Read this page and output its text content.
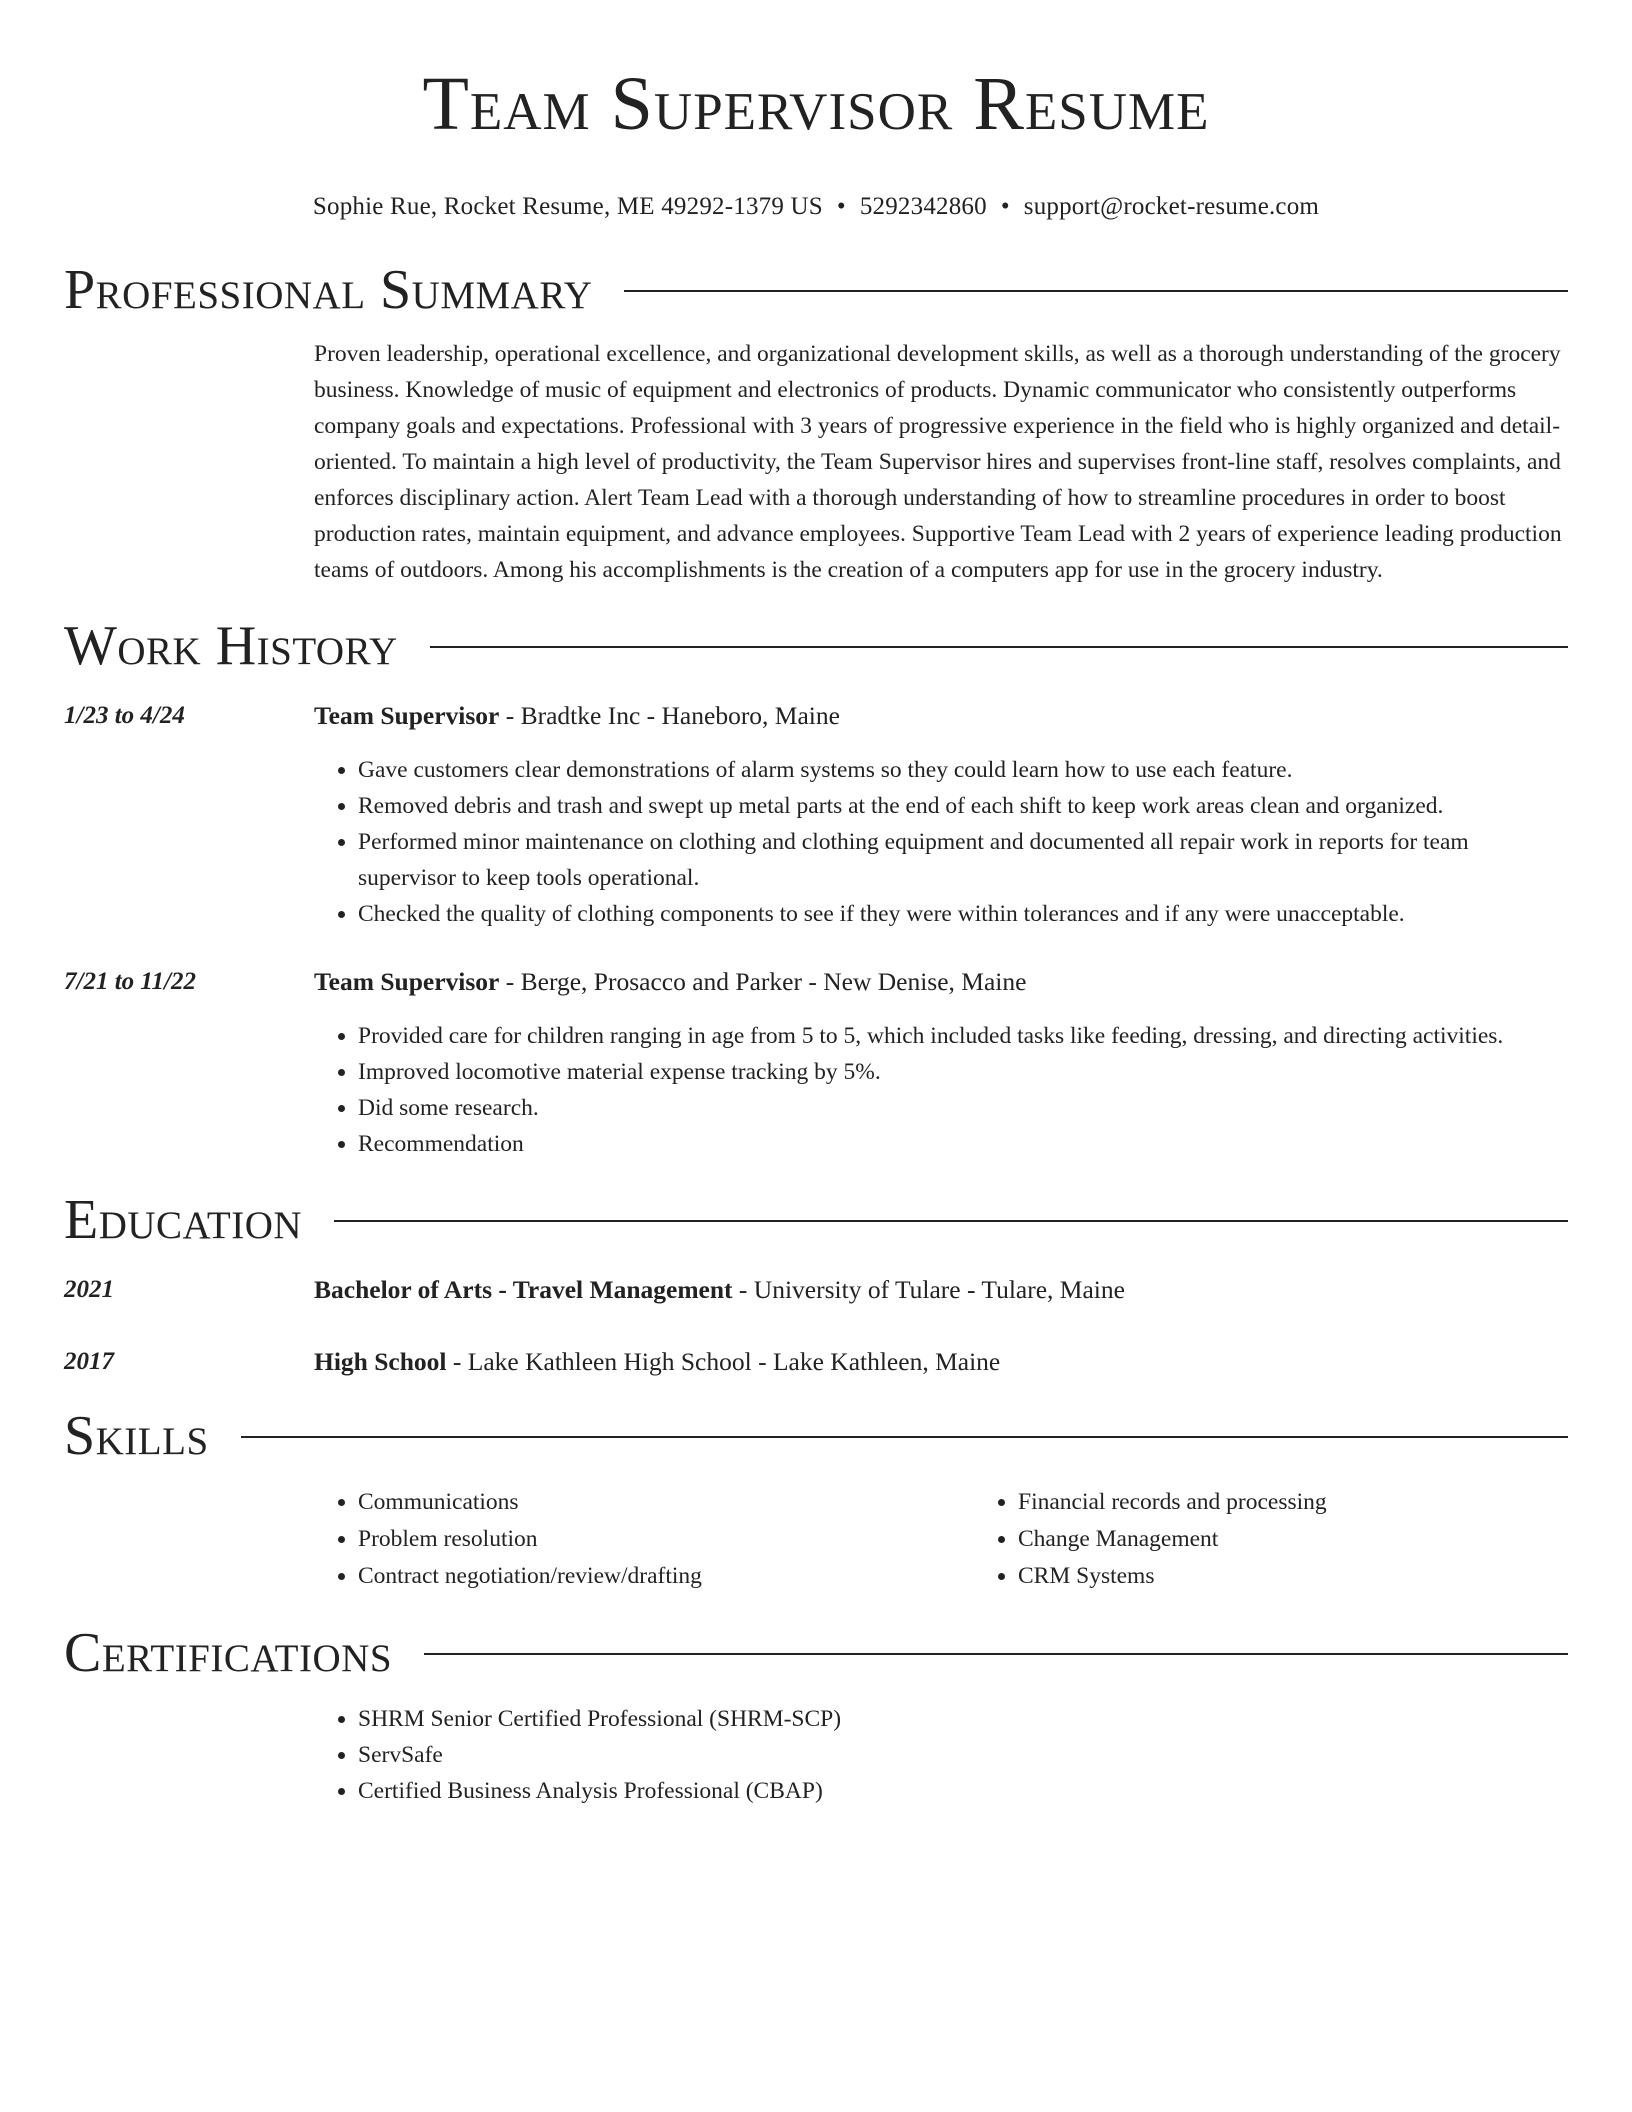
Team Supervisor Resume
Sophie Rue, Rocket Resume, ME 49292-1379 US • 5292342860 • support@rocket-resume.com
Professional Summary

Proven leadership, operational excellence, and organizational development skills, as well as a thorough understanding of the grocery business. Knowledge of music of equipment and electronics of products. Dynamic communicator who consistently outperforms company goals and expectations. Professional with 3 years of progressive experience in the field who is highly organized and detail-oriented. To maintain a high level of productivity, the Team Supervisor hires and supervises front-line staff, resolves complaints, and enforces disciplinary action. Alert Team Lead with a thorough understanding of how to streamline procedures in order to boost production rates, maintain equipment, and advance employees. Supportive Team Lead with 2 years of experience leading production teams of outdoors. Among his accomplishments is the creation of a computers app for use in the grocery industry.

Work History
1/23 to 4/24	Team Supervisor - Bradtke Inc - Haneboro, Maine
• Gave customers clear demonstrations of alarm systems so they could learn how to use each feature.
• Removed debris and trash and swept up metal parts at the end of each shift to keep work areas clean and organized.
• Performed minor maintenance on clothing and clothing equipment and documented all repair work in reports for team supervisor to keep tools operational.
• Checked the quality of clothing components to see if they were within tolerances and if any were unacceptable.
7/21 to 11/22	Team Supervisor - Berge, Prosacco and Parker - New Denise, Maine
• Provided care for children ranging in age from 5 to 5, which included tasks like feeding, dressing, and directing activities.
• Improved locomotive material expense tracking by 5%.
• Did some research.
• Recommendation
Education
2021	Bachelor of Arts - Travel Management - University of Tulare - Tulare, Maine
2017	High School - Lake Kathleen High School - Lake Kathleen, Maine
Skills
• Communications
• Problem resolution
• Contract negotiation/review/drafting
• Financial records and processing
• Change Management
• CRM Systems
Certifications
• SHRM Senior Certified Professional (SHRM-SCP)
• ServSafe
• Certified Business Analysis Professional (CBAP)
